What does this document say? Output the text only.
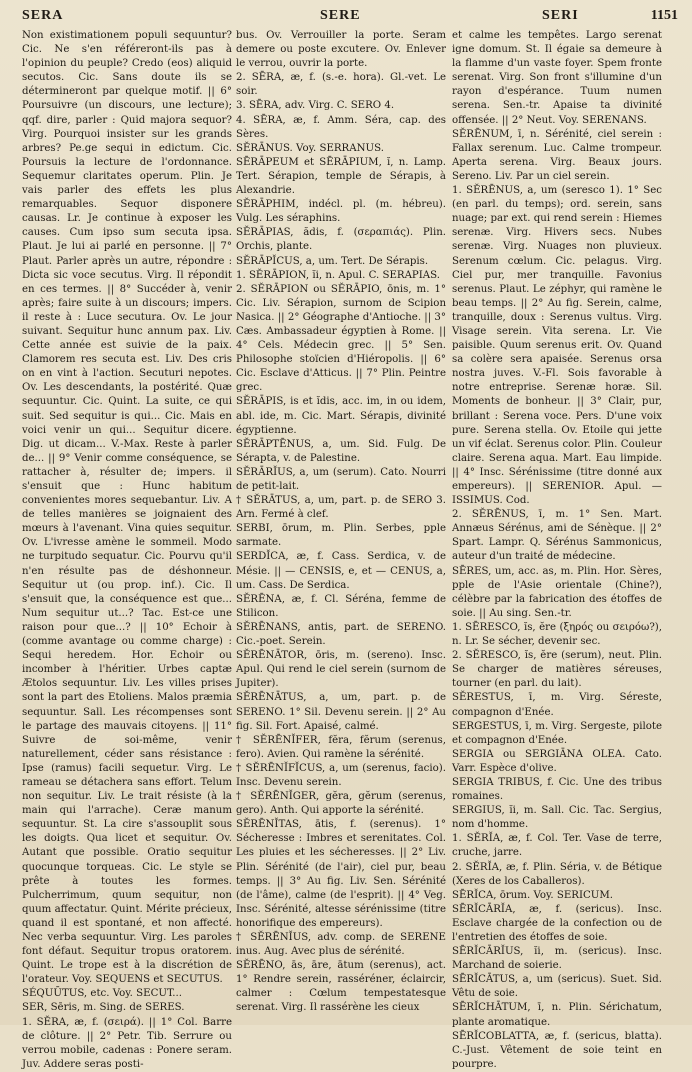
SERA	SERE	SERI	1151

Non existimationem populi sequuntur? Cic. Ne s'en référeront-ils pas à l'opinion du peuple? Credo (eos) aliquid secutos. Cic. Sans doute ils se détermineront par quelque motif. || 6° Poursuivre (un discours, une lecture); qqf. dire, parler : Quid majora sequor? Virg. Pourquoi insister sur les grands arbres? Pe.ge sequi in edictum. Cic. Poursuis la lecture de l'ordonnance. Sequemur claritates operum. Plin. Je vais parler des effets les plus remarquables. Sequor disponere causas. Lr. Je continue à exposer les causes. Cum ipso sum secuta ipsa. Plaut. Je lui ai parlé en personne. || 7° Plaut. Parler après un autre, répondre : Dicta sic voce secutus. Virg. Il répondit en ces termes. || 8° Succéder à, venir après; faire suite à un discours; impers. il reste à : Luce secutura. Ov. Le jour suivant. Sequitur hunc annum pax. Liv. Cette année est suivie de la paix. Clamorem res secuta est. Liv. Des cris on en vint à l'action. Secuturi nepotes. Ov. Les descendants, la postérité. Quæ sequuntur. Cic. Quint. La suite, ce qui suit. Sed sequitur is qui... Cic. Mais en voici venir un qui... Sequitur dicere. Dig. ut dicam... V.-Max. Reste à parler de... || 9° Venir comme conséquence, se rattacher à, résulter de; impers. il s'ensuit que : Hunc habitum convenientes mores sequebantur. Liv. A de telles manières se joignaient des mœurs à l'avenant. Vina quies sequitur. Ov. L'ivresse amène le sommeil. Modo ne turpitudo sequatur. Cic. Pourvu qu'il n'en résulte pas de déshonneur. Sequitur ut (ou prop. inf.). Cic. Il s'ensuit que, la conséquence est que... Num sequitur ut...? Tac. Est-ce une raison pour que...? || 10° Echoir à (comme avantage ou comme charge) : Sequi heredem. Hor. Echoir ou incomber à l'héritier. Urbes captæ Ætolos sequuntur. Liv. Les villes prises sont la part des Etoliens. Malos præmia sequuntur. Sall. Les récompenses sont le partage des mauvais citoyens. || 11° Suivre de soi-même, venir naturellement, céder sans résistance : Ipse (ramus) facili sequetur. Virg. Le rameau se détachera sans effort. Telum non sequitur. Liv. Le trait résiste (à la main qui l'arrache). Ceræ manum sequuntur. St. La cire s'assouplit sous les doigts. Qua licet et sequitur. Ov. Autant que possible. Oratio sequitur quocunque torqueas. Cic. Le style se prête à toutes les formes. Pulcherrimum, quum sequitur, non quum affectatur. Quint. Mérite précieux, quand il est spontané, et non affecté. Nec verba sequuntur. Virg. Les paroles font défaut. Sequitur tropus oratorem. Quint. Le trope est à la discrétion de l'orateur. Voy. SEQUENS et SECUTUS.

SÉQUŪTUS, etc. Voy. SECUT...

SER, Sēris, m. Sing. de SERES.

1. SĔRA, æ, f. (σειρά). || 1° Col. Barre de clôture. || 2° Petr. Tib. Serrure ou verrou mobile, cadenas : Ponere seram. Juv. Addere seras posti-

bus. Ov. Verrouiller la porte. Seram demere ou poste excutere. Ov. Enlever le verrou, ouvrir la porte.

2. SĒRA, æ, f. (s.-e. hora). Gl.-vet. Le soir.

3. SĒRA, adv. Virg. C. SERO 4.

4. SĒRA, æ, f. Amm. Séra, cap. des Sères.

SĔRĀNUS. Voy. SERRANUS.

SĒRĀPEUM et SĒRĀPIUM, ĭ, n. Lamp. Tert. Sérapion, temple de Sérapis, à Alexandrie.

SĔRĀPHIM, indécl. pl. (m. hébreu). Vulg. Les séraphins.

SĔRĀPIAS, ădis, f. (σεραπιάς). Plin. Orchis, plante.

SĔRĀPĬCUS, a, um. Tert. De Sérapis.

1. SĔRĀPION, ĭi, n. Apul. C. SERAPIAS.

2. SĔRĀPION ou SĔRĀPIO, ōnis, m. 1° Cic. Liv. Sérapion, surnom de Scipion Nasica. || 2° Géographe d'Antioche. || 3° Cæs. Ambassadeur égyptien à Rome. || 4° Cels. Médecin grec. || 5° Sen. Philosophe stoïcien d'Hiéropolis. || 6° Cic. Esclave d'Atticus. || 7° Plin. Peintre grec.

SĔRĀPIS, is et ĭdis, acc. im, in ou idem, abl. ide, m. Cic. Mart. Sérapis, divinité égyptienne.

SĔRĀPTĒNUS, a, um. Sid. Fulg. De Sérapta, v. de Palestine.

SĔRĀRĬUS, a, um (serum). Cato. Nourri de petit-lait.

† SĔRĀTUS, a, um, part. p. de SERO 3. Arn. Fermé à clef.

SERBI, ōrum, m. Plin. Serbes, pple sarmate.

SERDĬCA, æ, f. Cass. Serdica, v. de Mésie. || — CENSIS, e, et — CENUS, a, um. Cass. De Serdica.

SĔRĒNA, æ, f. Cl. Séréna, femme de Stilicon.

SĔRĒNANS, antis, part. de SERENO. Cic.-poet. Serein.

SĔRĒNĀTOR, ōris, m. (sereno). Insc. Apul. Qui rend le ciel serein (surnom de Jupiter).

SĔRĒNĀTUS, a, um, part. p. de SERENO. 1° Sil. Devenu serein. || 2° Au fig. Sil. Fort. Apaisé, calmé.

† SĔRĒNĬFER, fĕra, fĕrum (serenus, fero). Avien. Qui ramène la sérénité.

† SĔRĒNĬFĬCUS, a, um (serenus, facio). Insc. Devenu serein.

† SĔRĒNĬGER, gĕra, gĕrum (serenus, gero). Anth. Qui apporte la sérénité.

SĔRĒNĬTAS, ātis, f. (serenus). 1° Sécheresse : Imbres et serenitates. Col. Les pluies et les sécheresses. || 2° Liv. Plin. Sérénité (de l'air), ciel pur, beau temps. || 3° Au fig. Liv. Sen. Sérénité (de l'âme), calme (de l'esprit). || 4° Veg. Insc. Sérénité, altesse sérénissime (titre honorifique des empereurs).

† SĔRĒNĬUS, adv. comp. de SERENE inus. Aug. Avec plus de sérénité.

SĔRĒNO, ās, āre, ātum (serenus), act. 1° Rendre serein, rasséréner, éclaircir, calmer : Cœlum tempestatesque serenat. Virg. Il rassérène les cieux

et calme les tempêtes. Largo serenat igne domum. St. Il égaie sa demeure à la flamme d'un vaste foyer. Spem fronte serenat. Virg. Son front s'illumine d'un rayon d'espérance. Tuum numen serena. Sen.-tr. Apaise ta divinité offensée. || 2° Neut. Voy. SERENANS.

SĔRĒNUM, ī, n. Sérénité, ciel serein : Fallax serenum. Luc. Calme trompeur. Aperta serena. Virg. Beaux jours. Sereno. Liv. Par un ciel serein.

1. SĔRĒNUS, a, um (seresco 1). 1° Sec (en parl. du temps); ord. serein, sans nuage; par ext. qui rend serein : Hiemes serenæ. Virg. Hivers secs. Nubes serenæ. Virg. Nuages non pluvieux. Serenum cœlum. Cic. pelagus. Virg. Ciel pur, mer tranquille. Favonius serenus. Plaut. Le zéphyr, qui ramène le beau temps. || 2° Au fig. Serein, calme, tranquille, doux : Serenus vultus. Virg. Visage serein. Vita serena. Lr. Vie paisible. Quum serenus erit. Ov. Quand sa colère sera apaisée. Serenus orsa nostra juves. V.-Fl. Sois favorable à notre entreprise. Serenæ horæ. Sil. Moments de bonheur. || 3° Clair, pur, brillant : Serena voce. Pers. D'une voix pure. Serena stella. Ov. Etoile qui jette un vif éclat. Serenus color. Plin. Couleur claire. Serena aqua. Mart. Eau limpide. || 4° Insc. Sérénissime (titre donné aux empereurs). || SERENIOR. Apul. — ISSIMUS. Cod.

2. SĔRĒNUS, ī, m. 1° Sen. Mart. Annæus Sérénus, ami de Sénèque. || 2° Spart. Lampr. Q. Sérénus Sammonicus, auteur d'un traité de médecine.

SĒRES, um, acc. as, m. Plin. Hor. Sères, pple de l'Asie orientale (Chine?), célèbre par la fabrication des étoffes de soie. || Au sing. Sen.-tr.

1. SĒRESCO, ĭs, ĕre (ξηρός ou σειρόω?), n. Lr. Se sécher, devenir sec.

2. SĔRESCO, ĭs, ĕre (serum), neut. Plin. Se charger de matières séreuses, tourner (en parl. du lait).

SĔRESTUS, ī, m. Virg. Séreste, compagnon d'Enée.

SERGESTUS, ī, m. Virg. Sergeste, pilote et compagnon d'Enée.

SERGIA ou SERGIĀNA OLEA. Cato. Varr. Espèce d'olive.

SERGIA TRIBUS, f. Cic. Une des tribus romaines.

SERGIUS, ĭi, m. Sall. Cic. Tac. Sergius, nom d'homme.

1. SĔRĬA, æ, f. Col. Ter. Vase de terre, cruche, jarre.

2. SĔRĬA, æ, f. Plin. Séria, v. de Bétique (Xeres de los Caballeros).

SĒRĬCA, ōrum. Voy. SERICUM.

SĒRĬCĀRĬA, æ, f. (sericus). Insc. Esclave chargée de la confection ou de l'entretien des étoffes de soie.

SĒRĬCĀRĬUS, ĭi, m. (sericus). Insc. Marchand de soierie.

SĒRĬCĀTUS, a, um (sericus). Suet. Sid. Vêtu de soie.

SĒRĬCHĀTUM, ī, n. Plin. Sérichatum, plante aromatique.

SĒRĬCOBLATTA, æ, f. (sericus, blatta). C.-Just. Vêtement de soie teint en pourpre.
